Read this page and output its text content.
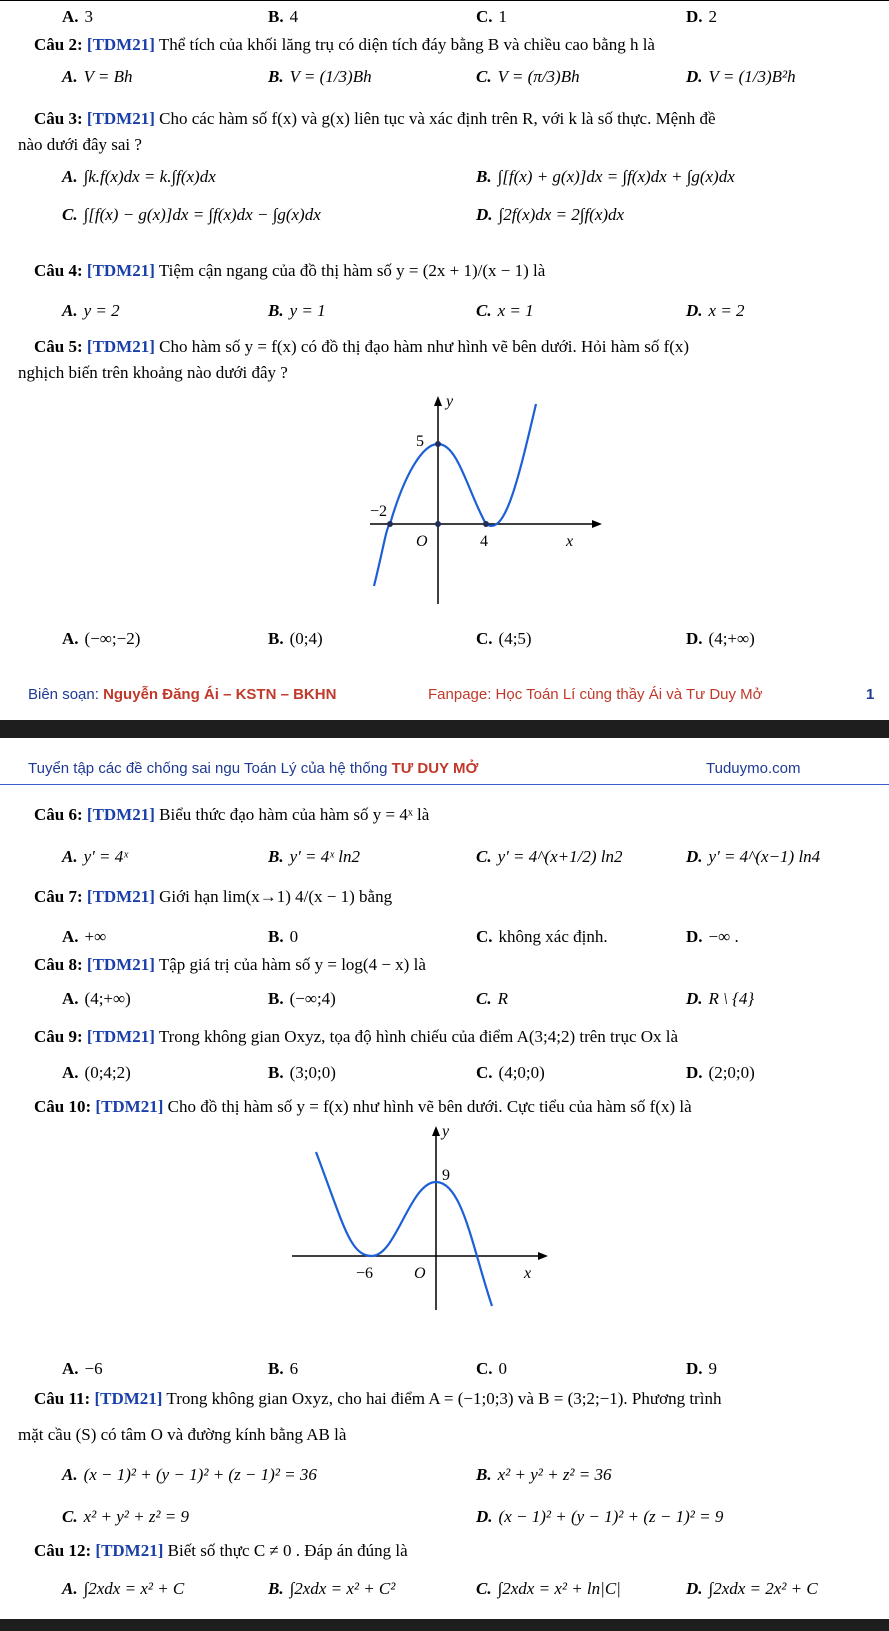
A. 3	B. 4	C. 1	D. 2
Câu 2: [TDM21] Thể tích của khối lăng trụ có diện tích đáy bằng B và chiều cao bằng h là
A. V = Bh	B. V = (1/3)Bh	C. V = (π/3)Bh	D. V = (1/3)B²h
Câu 3: [TDM21] Cho các hàm số f(x) và g(x) liên tục và xác định trên R, với k là số thực. Mệnh đề
nào dưới đây sai ?
A. ∫k.f(x)dx = k.∫f(x)dx	B. ∫[f(x) + g(x)]dx = ∫f(x)dx + ∫g(x)dx
C. ∫[f(x) − g(x)]dx = ∫f(x)dx − ∫g(x)dx	D. ∫2f(x)dx = 2∫f(x)dx
Câu 4: [TDM21] Tiệm cận ngang của đồ thị hàm số y = (2x + 1)/(x − 1) là
A. y = 2	B. y = 1	C. x = 1	D. x = 2
Câu 5: [TDM21] Cho hàm số y = f(x) có đồ thị đạo hàm như hình vẽ bên dưới. Hỏi hàm số f(x)
nghịch biến trên khoảng nào dưới đây ?
y
x
O
5
−2
4
A. (−∞;−2)	B. (0;4)	C. (4;5)	D. (4;+∞)
Biên soạn: Nguyễn Đăng Ái – KSTN – BKHN	Fanpage: Học Toán Lí cùng thầy Ái và Tư Duy Mở	1
Tuyển tập các đề chống sai ngu Toán Lý của hệ thống TƯ DUY MỞ	Tuduymo.com
Câu 6: [TDM21] Biểu thức đạo hàm của hàm số y = 4ˣ là
A. y' = 4ˣ	B. y' = 4ˣ ln2	C. y' = 4^(x+1/2) ln2	D. y' = 4^(x−1) ln4
Câu 7: [TDM21] Giới hạn lim(x→1) 4/(x − 1) bằng
A. +∞	B. 0	C. không xác định.	D. −∞ .
Câu 8: [TDM21] Tập giá trị của hàm số y = log(4 − x) là
A. (4;+∞)	B. (−∞;4)	C. R	D. R \ {4}
Câu 9: [TDM21] Trong không gian Oxyz, tọa độ hình chiếu của điểm A(3;4;2) trên trục Ox là
A. (0;4;2)	B. (3;0;0)	C. (4;0;0)	D. (2;0;0)
Câu 10: [TDM21] Cho đồ thị hàm số y = f(x) như hình vẽ bên dưới. Cực tiểu của hàm số f(x) là
y
x
O
9
−6
A. −6	B. 6	C. 0	D. 9
Câu 11: [TDM21] Trong không gian Oxyz, cho hai điểm A = (−1;0;3) và B = (3;2;−1). Phương trình
mặt cầu (S) có tâm O và đường kính bằng AB là
A. (x − 1)² + (y − 1)² + (z − 1)² = 36	B. x² + y² + z² = 36
C. x² + y² + z² = 9	D. (x − 1)² + (y − 1)² + (z − 1)² = 9
Câu 12: [TDM21] Biết số thực C ≠ 0 . Đáp án đúng là
A. ∫2xdx = x² + C	B. ∫2xdx = x² + C²	C. ∫2xdx = x² + ln|C|	D. ∫2xdx = 2x² + C
